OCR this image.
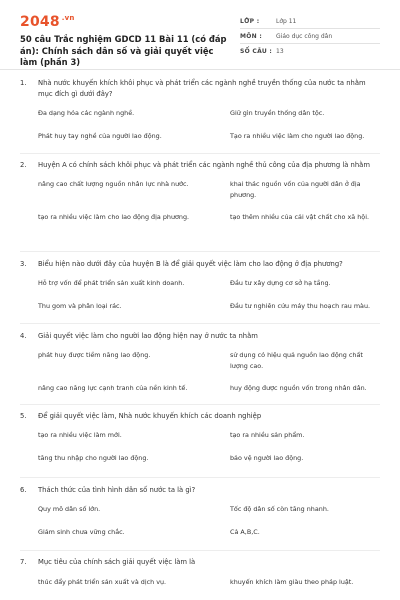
2048 $^{.vn}$
50 câu Trắc nghiệm GDCD 11 Bài 11 (có đáp án): Chính sách dân số và giải quyết việc làm (phần 3)
LỚP :	Lớp 11
MÔN :	Giáo dục công dân
SỐ CÂU : 13
1.	Nhà nước khuyến khích khôi phục và phát triển các ngành nghề truyền thống của nước ta nhằm mục đích gì dưới đây?
Đa dạng hóa các ngành nghề.	Giữ gìn truyền thống dân tộc.
Phát huy tay nghề của người lao động.	Tạo ra nhiều việc làm cho người lao động.
2.	Huyện A có chính sách khôi phục và phát triển các ngành nghề thủ công của địa phương là nhằm
nâng cao chất lượng nguồn nhân lực nhà nước.	khai thác nguồn vốn của người dân ở địa phương.
tạo ra nhiều việc làm cho lao động địa phương.	tạo thêm nhiều của cải vật chất cho xã hội.
3.	Biểu hiện nào dưới đây của huyện B là để giải quyết việc làm cho lao động ở địa phương?
Hỗ trợ vốn để phát triển sản xuất kinh doanh.	Đầu tư xây dựng cơ sở hạ tầng.
Thu gom và phân loại rác.	Đầu tư nghiên cứu máy thu hoạch rau màu.
4.	Giải quyết việc làm cho người lao động hiện nay ở nước ta nhằm
phát huy được tiềm năng lao động.	sử dụng có hiệu quả nguồn lao động chất lượng cao.
nâng cao năng lực cạnh tranh của nền kinh tế.	huy động được nguồn vốn trong nhân dân.
5.	Để giải quyết việc làm, Nhà nước khuyến khích các doanh nghiệp
tạo ra nhiều việc làm mới.	tạo ra nhiều sản phẩm.
tăng thu nhập cho người lao động.	bảo vệ người lao động.
6.	Thách thức của tình hình dân số nước ta là gì?
Quy mô dân số lớn.	Tốc độ dân số còn tăng nhanh.
Giảm sinh chưa vững chắc.	Cả A,B,C.
7.	Mục tiêu của chính sách giải quyết việc làm là
thúc đẩy phát triển sản xuất và dịch vụ.	khuyến khích làm giàu theo pháp luật.
